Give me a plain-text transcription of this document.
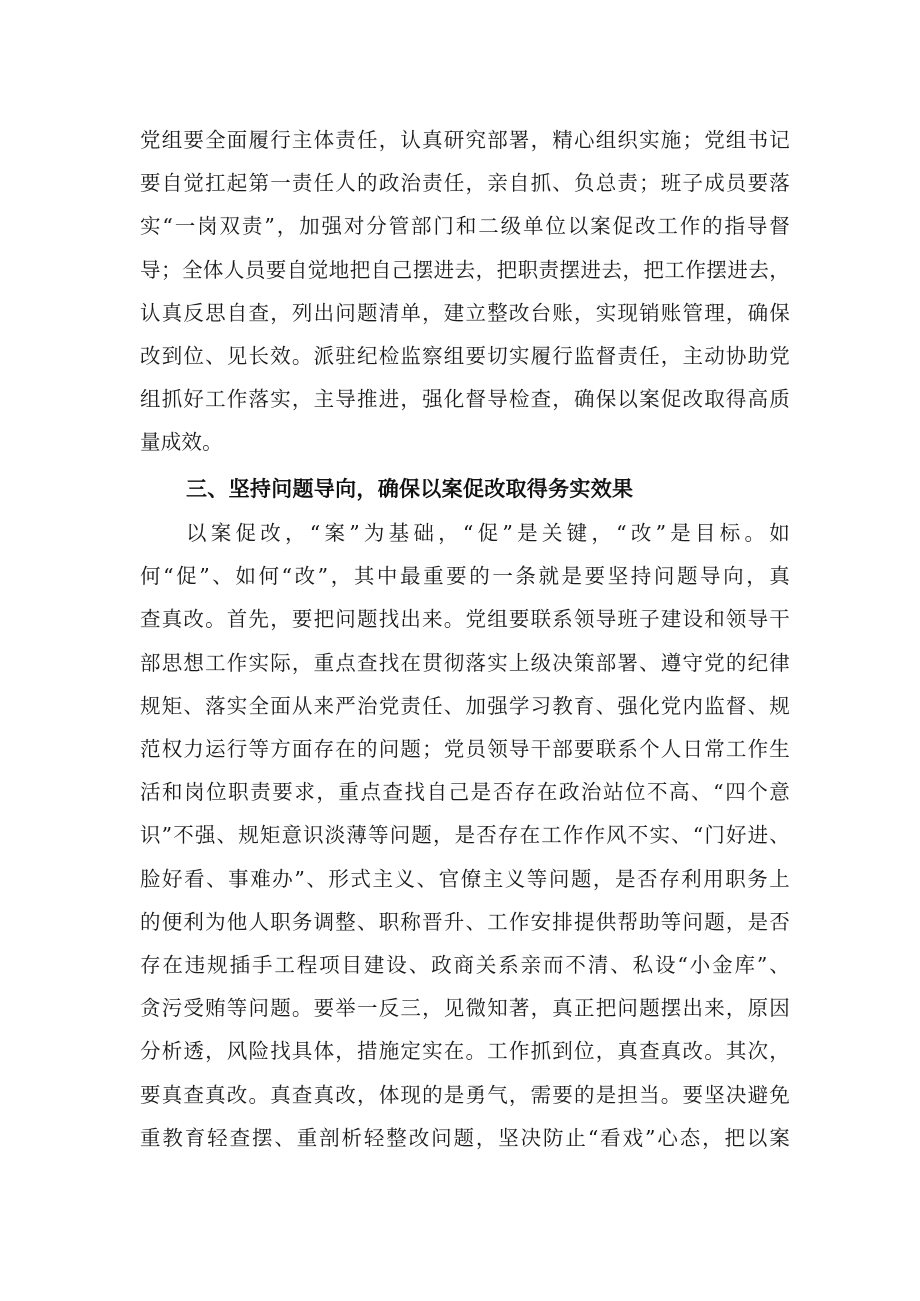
党组要全面履行主体责任，认真研究部署，精心组织实施；党组书记
要自觉扛起第一责任人的政治责任，亲自抓、负总责；班子成员要落
实“一岗双责”，加强对分管部门和二级单位以案促改工作的指导督
导；全体人员要自觉地把自己摆进去，把职责摆进去，把工作摆进去，
认真反思自查，列出问题清单，建立整改台账，实现销账管理，确保
改到位、见长效。派驻纪检监察组要切实履行监督责任，主动协助党
组抓好工作落实，主导推进，强化督导检查，确保以案促改取得高质
量成效。
三、坚持问题导向，确保以案促改取得务实效果
以案促改，“案”为基础，“促”是关键，“改”是目标。如
何“促”、如何“改”，其中最重要的一条就是要坚持问题导向，真
查真改。首先，要把问题找出来。党组要联系领导班子建设和领导干
部思想工作实际，重点查找在贯彻落实上级决策部署、遵守党的纪律
规矩、落实全面从来严治党责任、加强学习教育、强化党内监督、规
范权力运行等方面存在的问题；党员领导干部要联系个人日常工作生
活和岗位职责要求，重点查找自己是否存在政治站位不高、“四个意
识”不强、规矩意识淡薄等问题，是否存在工作作风不实、“门好进、
脸好看、事难办”、形式主义、官僚主义等问题，是否存利用职务上
的便利为他人职务调整、职称晋升、工作安排提供帮助等问题，是否
存在违规插手工程项目建设、政商关系亲而不清、私设“小金库”、
贪污受贿等问题。要举一反三，见微知著，真正把问题摆出来，原因
分析透，风险找具体，措施定实在。工作抓到位，真查真改。其次，
要真查真改。真查真改，体现的是勇气，需要的是担当。要坚决避免
重教育轻查摆、重剖析轻整改问题，坚决防止“看戏”心态，把以案
